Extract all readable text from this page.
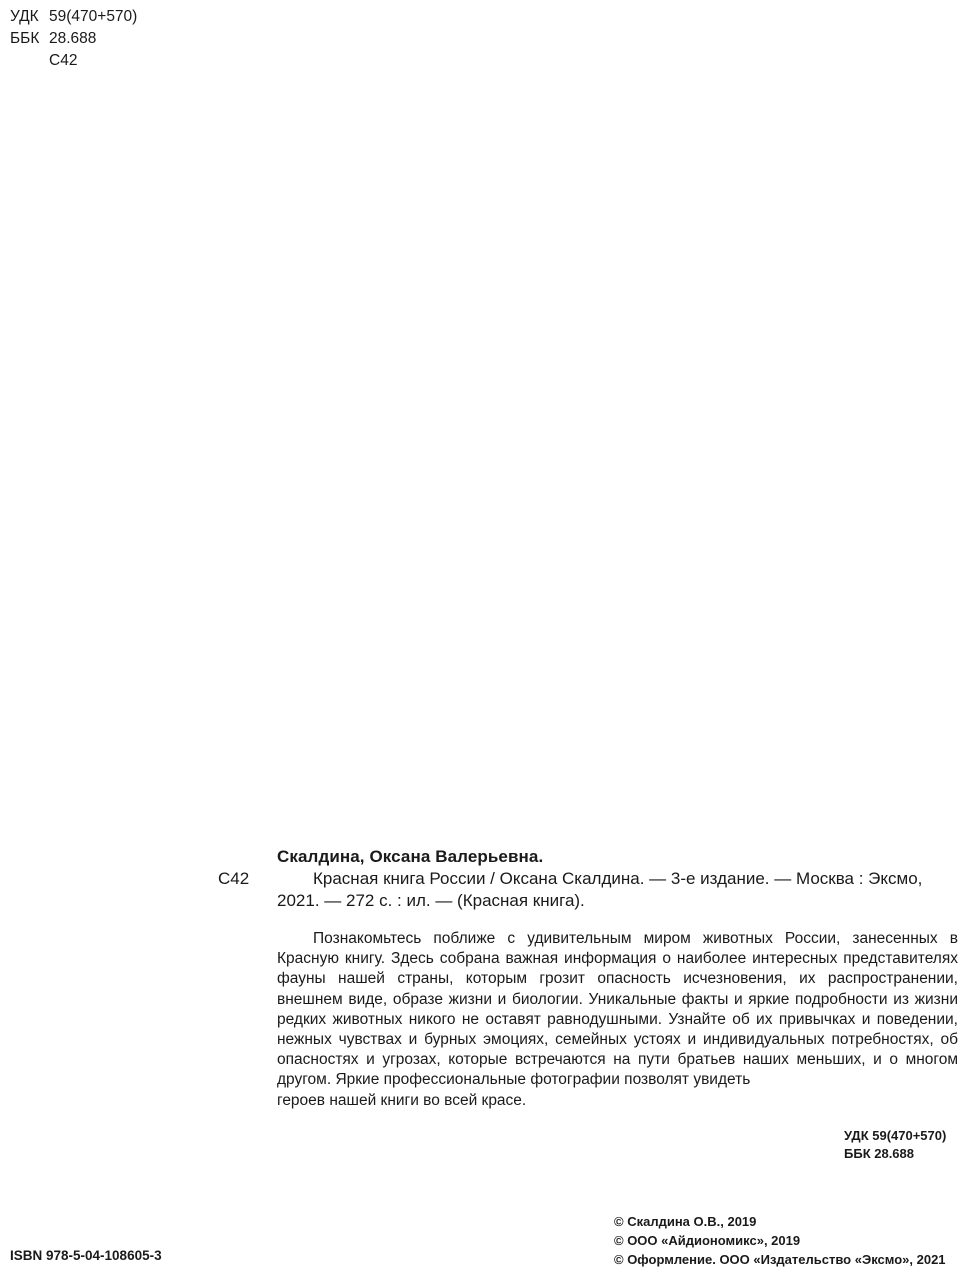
УДК 59(470+570)
ББК 28.688
С42
С42
Скалдина, Оксана Валерьевна.
Красная книга России / Оксана Скалдина. — 3-е издание. — Москва : Эксмо,
2021. — 272 с. : ил. — (Красная книга).
Познакомьтесь поближе с удивительным миром животных России, занесенных в Красную книгу. Здесь собрана важная информация о наиболее интересных представителях фауны нашей страны, которым грозит опасность исчезновения, их распространении, внешнем виде, образе жизни и биологии. Уникальные факты и яркие подробности из жизни редких животных никого не оставят равнодушными. Узнайте об их привычках и поведении, нежных чувствах и бурных эмоциях, семейных устоях и индивидуальных потребностях, об опасностях и угрозах, которые встречаются на пути братьев наших меньших, и о многом другом. Яркие профессиональные фотографии позволят увидеть
героев нашей книги во всей красе.
УДК 59(470+570)
ББК 28.688
© Скалдина О.В., 2019
© ООО «Айдиономикс», 2019
© Оформление. ООО «Издательство «Эксмо», 2021
ISBN 978-5-04-108605-3
